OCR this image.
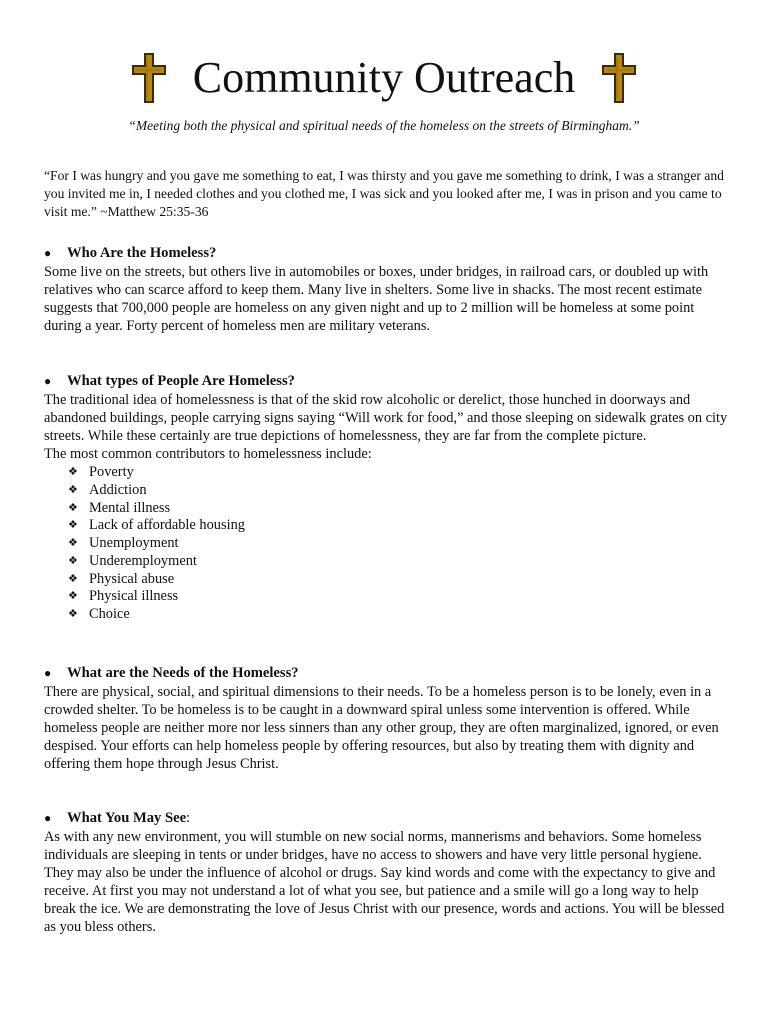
Community Outreach
“Meeting both the physical and spiritual needs of the homeless on the streets of Birmingham.”

“For I was hungry and you gave me something to eat, I was thirsty and you gave me something to drink, I was a stranger and you invited me in, I needed clothes and you clothed me, I was sick and you looked after me, I was in prison and you came to visit me.” ~Matthew 25:35-36

●	Who Are the Homeless?

Some live on the streets, but others live in automobiles or boxes, under bridges, in railroad cars, or doubled up with relatives who can scarce afford to keep them. Many live in shelters. Some live in shacks. The most recent estimate suggests that 700,000 people are homeless on any given night and up to 2 million will be homeless at some point during a year. Forty percent of homeless men are military veterans.

●	What types of People Are Homeless?

The traditional idea of homelessness is that of the skid row alcoholic or derelict, those hunched in doorways and abandoned buildings, people carrying signs saying “Will work for food,” and those sleeping on sidewalk grates on city streets. While these certainly are true depictions of homelessness, they are far from the complete picture.

The most common contributors to homelessness include:

❖ Poverty
❖ Addiction
❖ Mental illness
❖ Lack of affordable housing
❖ Unemployment
❖ Underemployment
❖ Physical abuse
❖ Physical illness
❖ Choice
●	What are the Needs of the Homeless?

There are physical, social, and spiritual dimensions to their needs. To be a homeless person is to be lonely, even in a crowded shelter. To be homeless is to be caught in a downward spiral unless some intervention is offered. While homeless people are neither more nor less sinners than any other group, they are often marginalized, ignored, or even despised. Your efforts can help homeless people by offering resources, but also by treating them with dignity and offering them hope through Jesus Christ.

●	What You May See :

As with any new environment, you will stumble on new social norms, mannerisms and behaviors. Some homeless individuals are sleeping in tents or under bridges, have no access to showers and have very little personal hygiene. They may also be under the influence of alcohol or drugs. Say kind words and come with the expectancy to give and receive. At first you may not understand a lot of what you see, but patience and a smile will go a long way to help break the ice. We are demonstrating the love of Jesus Christ with our presence, words and actions. You will be blessed as you bless others.
